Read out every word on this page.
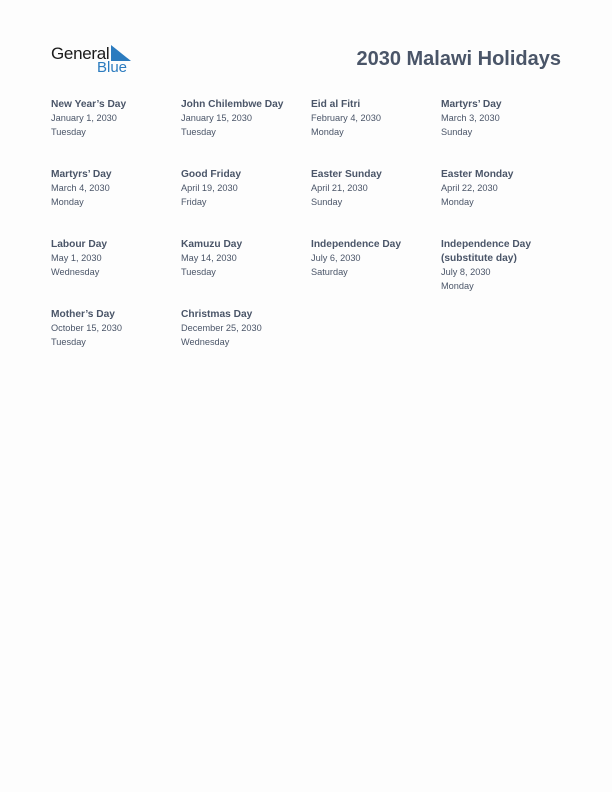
General
Blue	2030 Malawi Holidays
New Year’s Day
January 1, 2030
Tuesday
John Chilembwe Day
January 15, 2030
Tuesday
Eid al Fitri
February 4, 2030
Monday
Martyrs’ Day
March 3, 2030
Sunday
Martyrs’ Day
March 4, 2030
Monday
Good Friday
April 19, 2030
Friday
Easter Sunday
April 21, 2030
Sunday
Easter Monday
April 22, 2030
Monday
Labour Day
May 1, 2030
Wednesday
Kamuzu Day
May 14, 2030
Tuesday
Independence Day
July 6, 2030
Saturday
Independence Day (substitute day)
July 8, 2030
Monday
Mother’s Day
October 15, 2030
Tuesday
Christmas Day
December 25, 2030
Wednesday
